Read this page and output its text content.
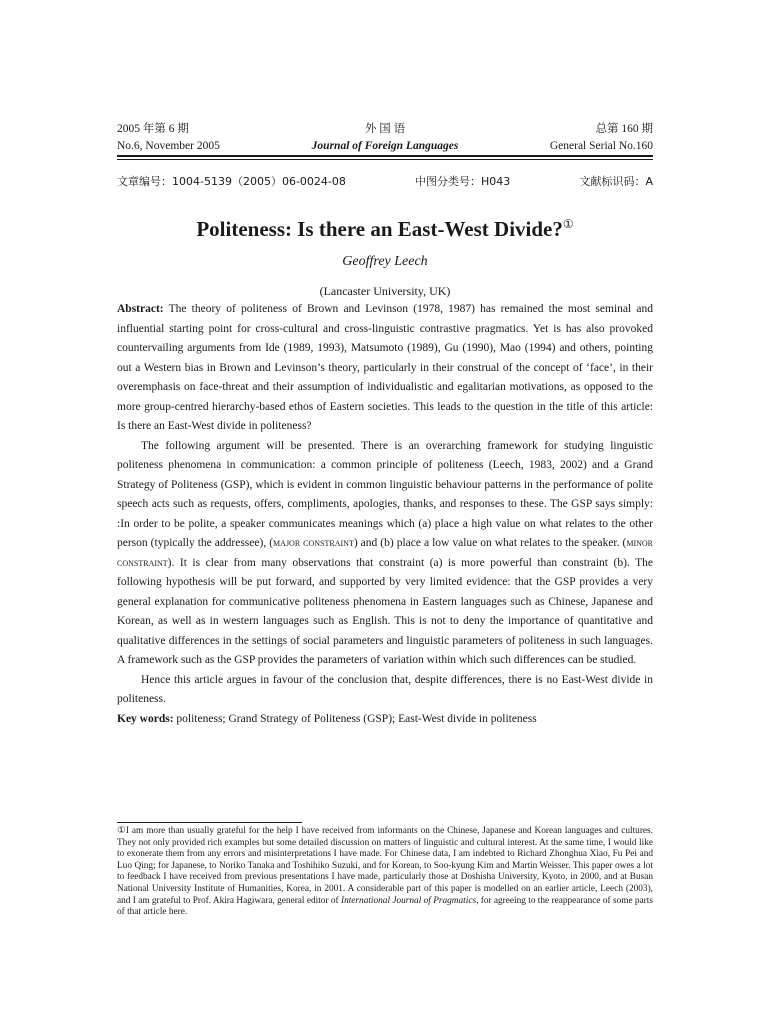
2005 年第 6 期	外 国 语	总第 160 期
No.6, November 2005	Journal of Foreign Languages	General Serial No.160
文章编号：1004-5139（2005）06-0024-08	中图分类号：H043	文献标识码：A
Politeness: Is there an East-West Divide?①
Geoffrey Leech
(Lancaster University, UK)

Abstract: The theory of politeness of Brown and Levinson (1978, 1987) has remained the most seminal and influential starting point for cross-cultural and cross-linguistic contrastive pragmatics. Yet is has also provoked countervailing arguments from Ide (1989, 1993), Matsumoto (1989), Gu (1990), Mao (1994) and others, pointing out a Western bias in Brown and Levinson’s theory, particularly in their construal of the concept of ‘face’, in their overemphasis on face-threat and their assumption of individualistic and egalitarian motivations, as opposed to the more group-centred hierarchy-based ethos of Eastern societies. This leads to the question in the title of this article: Is there an East-West divide in politeness?

The following argument will be presented. There is an overarching framework for studying linguistic politeness phenomena in communication: a common principle of politeness (Leech, 1983, 2002) and a Grand Strategy of Politeness (GSP), which is evident in common linguistic behaviour patterns in the performance of polite speech acts such as requests, offers, compliments, apologies, thanks, and responses to these. The GSP says simply: :In order to be polite, a speaker communicates meanings which (a) place a high value on what relates to the other person (typically the addressee), (major constraint) and (b) place a low value on what relates to the speaker. (minor constraint). It is clear from many observations that constraint (a) is more powerful than constraint (b). The following hypothesis will be put forward, and supported by very limited evidence: that the GSP provides a very general explanation for communicative politeness phenomena in Eastern languages such as Chinese, Japanese and Korean, as well as in western languages such as English. This is not to deny the importance of quantitative and qualitative differences in the settings of social parameters and linguistic parameters of politeness in such languages. A framework such as the GSP provides the parameters of variation within which such differences can be studied.

Hence this article argues in favour of the conclusion that, despite differences, there is no East-West divide in politeness.

Key words: politeness; Grand Strategy of Politeness (GSP); East-West divide in politeness

①I am more than usually grateful for the help I have received from informants on the Chinese, Japanese and Korean languages and cultures. They not only provided rich examples but some detailed discussion on matters of linguistic and cultural interest. At the same time, I would like to exonerate them from any errors and misinterpretations I have made. For Chinese data, I am indebted to Richard Zhonghua Xiao, Fu Pei and Luo Qing; for Japanese, to Noriko Tanaka and Toshihiko Suzuki, and for Korean, to Soo-kyung Kim and Martin Weisser. This paper owes a lot to feedback I have received from previous presentations I have made, particularly those at Doshisha University, Kyoto, in 2000, and at Busan National University Institute of Humanities, Korea, in 2001. A considerable part of this paper is modelled on an earlier article, Leech (2003), and I am grateful to Prof. Akira Hagiwara, general editor of International Journal of Pragmatics, for agreeing to the reappearance of some parts of that article here.
